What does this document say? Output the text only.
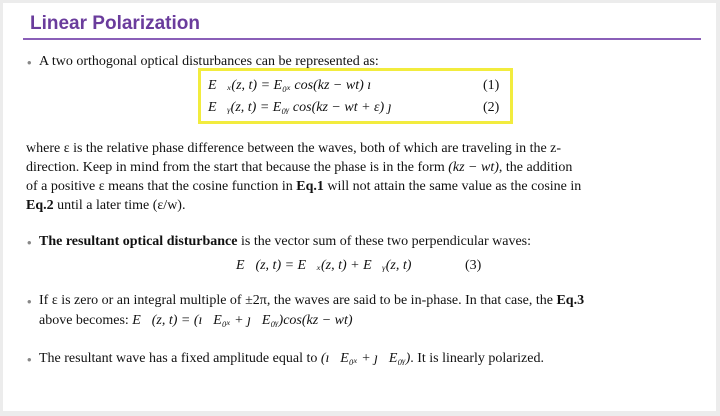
Linear Polarization
• A two orthogonal optical disturbances can be represented as:
E⃗ₓ(z, t) = E₀ₓ cos(kz − wt) ı⃗	(1)
E⃗ᵧ(z, t) = E₀ᵧ cos(kz − wt + ε) ȷ⃗	(2)
where ε is the relative phase difference between the waves, both of which are traveling in the z-
direction. Keep in mind from the start that because the phase is in the form (kz − wt), the addition
of a positive ε means that the cosine function in Eq.1 will not attain the same value as the cosine in
Eq.2 until a later time (ε/w).
• The resultant optical disturbance is the vector sum of these two perpendicular waves:
E⃗(z, t) = E⃗ₓ(z, t) + E⃗ᵧ(z, t)	(3)
• If ε is zero or an integral multiple of ±2π, the waves are said to be in-phase. In that case, the Eq.3
above becomes: E⃗(z, t) = (ı⃗E₀ₓ + ȷ⃗E₀ᵧ)cos(kz − wt)
• The resultant wave has a fixed amplitude equal to (ı⃗E₀ₓ + ȷ⃗E₀ᵧ). It is linearly polarized.
